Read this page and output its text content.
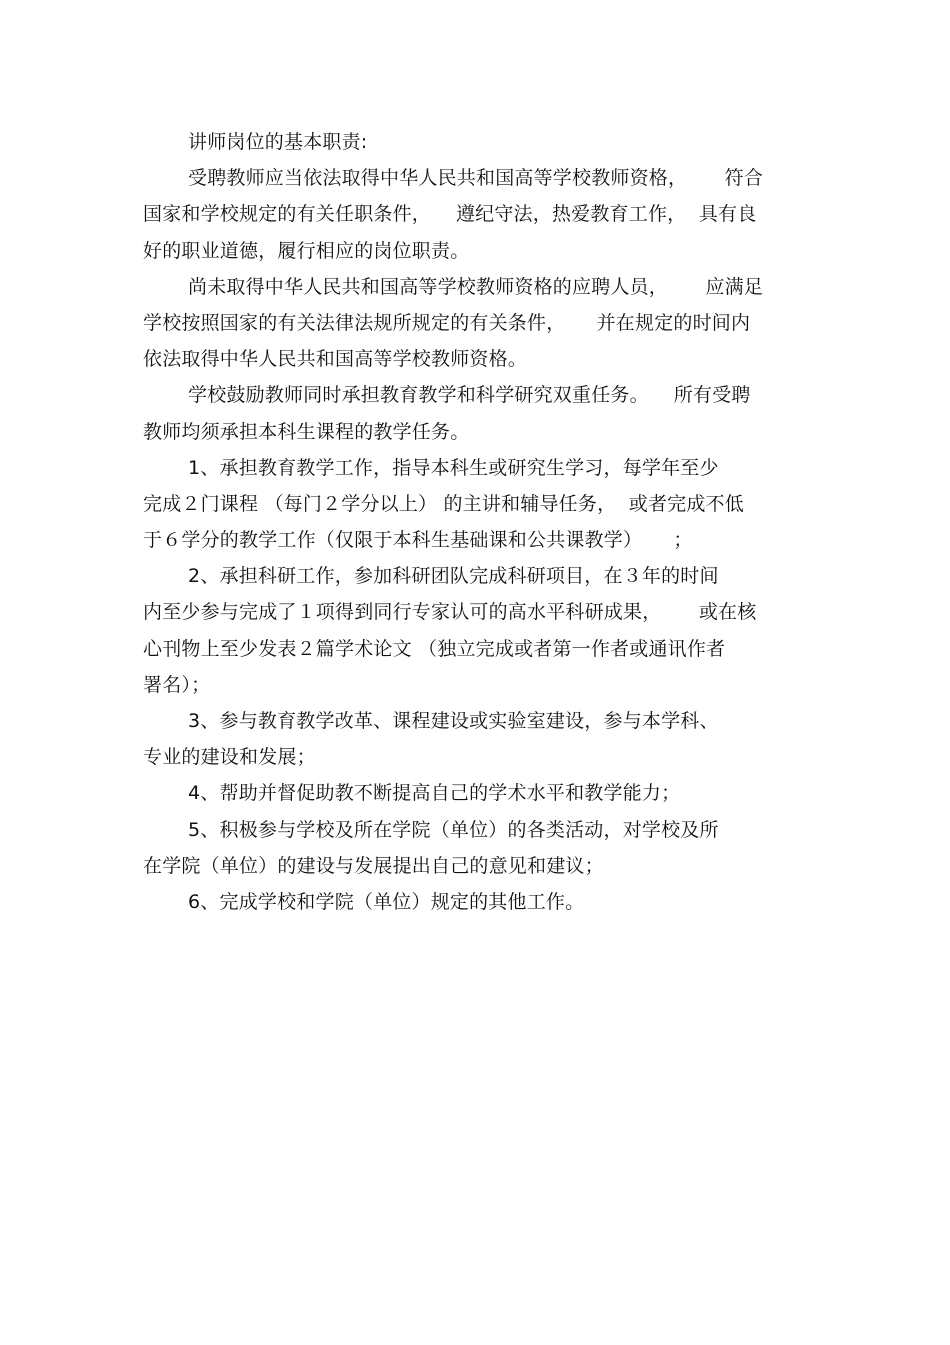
讲师岗位的基本职责:
受聘教师应当依法取得中华人民共和国高等学校教师资格，      符合
国家和学校规定的有关任职条件，    遵纪守法，热爱教育工作，  具有良
好的职业道德，履行相应的岗位职责。
尚未取得中华人民共和国高等学校教师资格的应聘人员，      应满足
学校按照国家的有关法律法规所规定的有关条件，     并在规定的时间内
依法取得中华人民共和国高等学校教师资格。
学校鼓励教师同时承担教育教学和科学研究双重任务。    所有受聘
教师均须承担本科生课程的教学任务。
1、承担教育教学工作，指导本科生或研究生学习，每学年至少
完成２门课程 （每门２学分以上） 的主讲和辅导任务，  或者完成不低
于６学分的教学工作（仅限于本科生基础课和公共课教学）     ；
2、承担科研工作，参加科研团队完成科研项目，在３年的时间
内至少参与完成了１项得到同行专家认可的高水平科研成果，      或在核
心刊物上至少发表２篇学术论文 （独立完成或者第一作者或通讯作者
署名）；
3、参与教育教学改革、课程建设或实验室建设，参与本学科、
专业的建设和发展；
4、帮助并督促助教不断提高自己的学术水平和教学能力；
5、积极参与学校及所在学院（单位）的各类活动，对学校及所
在学院（单位）的建设与发展提出自己的意见和建议；
6、完成学校和学院（单位）规定的其他工作。
